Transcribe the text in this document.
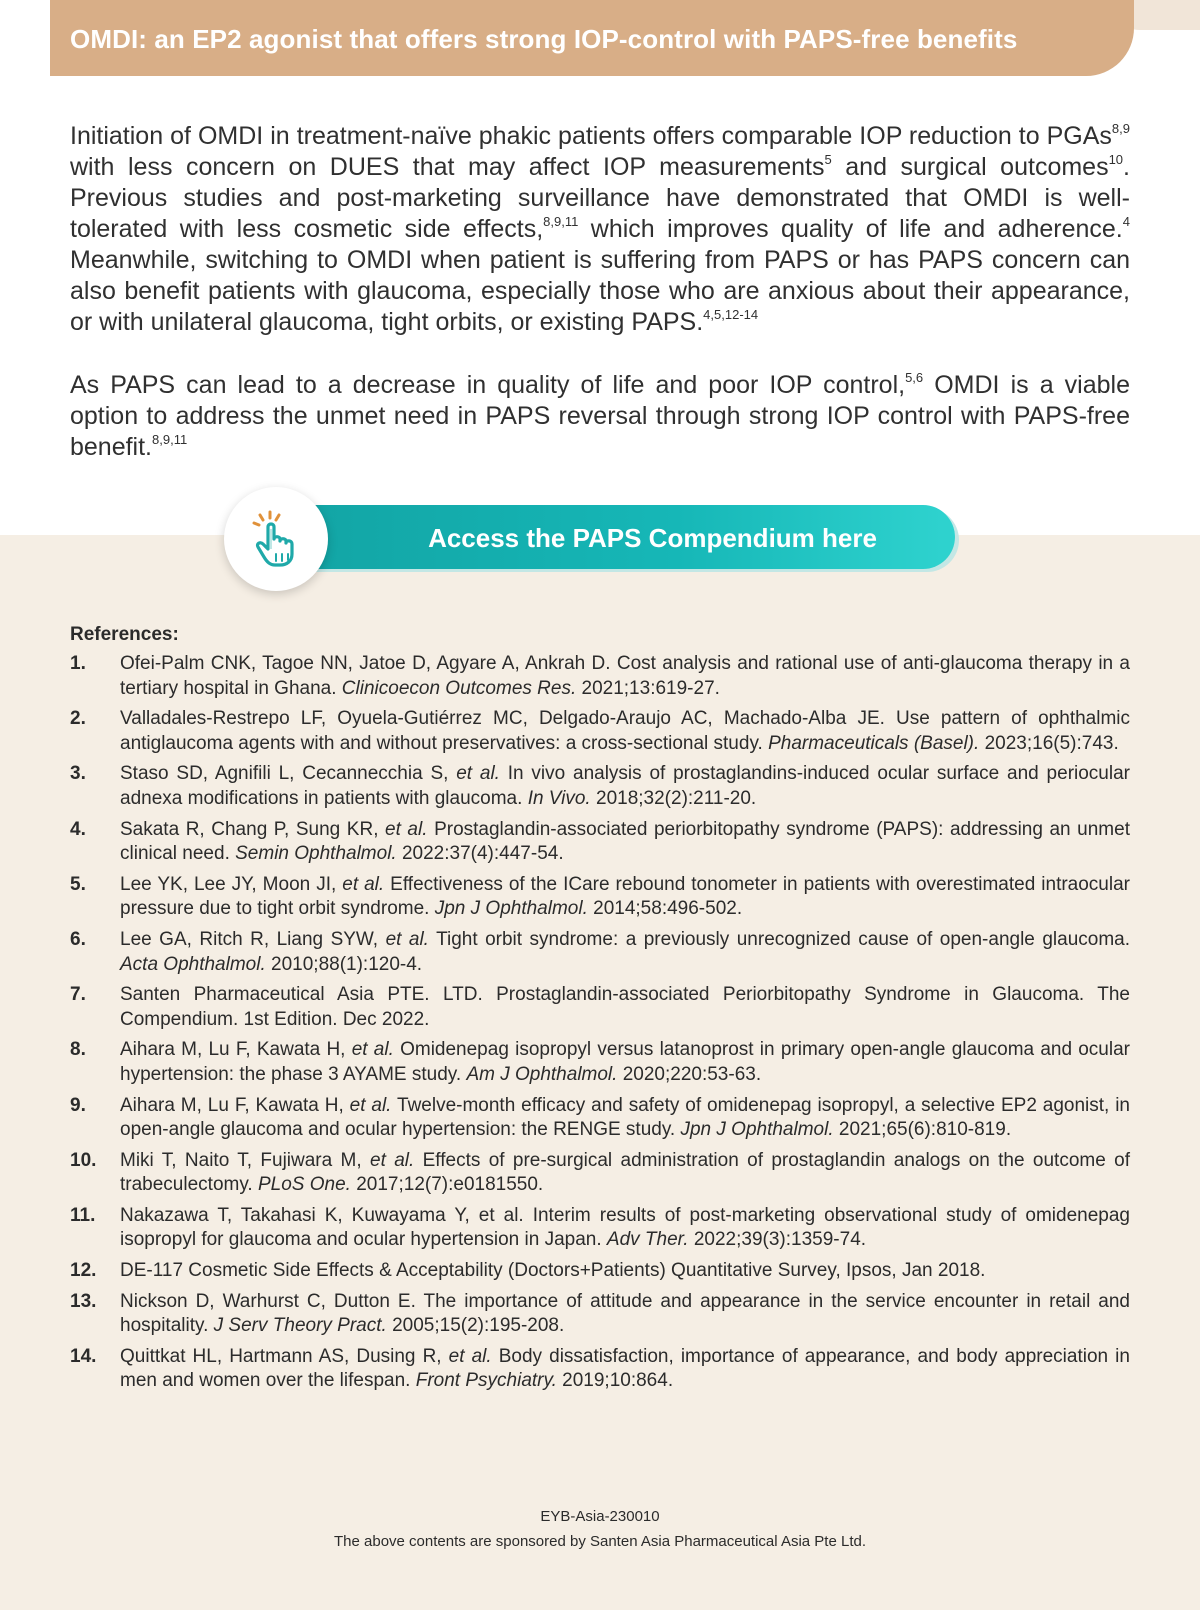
OMDI: an EP2 agonist that offers strong IOP-control with PAPS-free benefits

Initiation of OMDI in treatment-naïve phakic patients offers comparable IOP reduction to PGAs$^{8,9}$ with less concern on DUES that may affect IOP measurements$^5$ and surgical outcomes$^{10}$. Previous studies and post-marketing surveillance have demonstrated that OMDI is well-tolerated with less cosmetic side effects,$^{8,9,11}$ which improves quality of life and adherence.$^4$ Meanwhile, switching to OMDI when patient is suffering from PAPS or has PAPS concern can also benefit patients with glaucoma, especially those who are anxious about their appearance, or with unilateral glaucoma, tight orbits, or existing PAPS.$^{4,5,12-14}$

As PAPS can lead to a decrease in quality of life and poor IOP control,$^{5,6}$ OMDI is a viable option to address the unmet need in PAPS reversal through strong IOP control with PAPS-free benefit.$^{8,9,11}$

Access the PAPS Compendium here
References:
1. Ofei-Palm CNK, Tagoe NN, Jatoe D, Agyare A, Ankrah D. Cost analysis and rational use of anti-glaucoma therapy in a tertiary hospital in Ghana. Clinicoecon Outcomes Res. 2021;13:619-27.
2. Valladales-Restrepo LF, Oyuela-Gutiérrez MC, Delgado-Araujo AC, Machado-Alba JE. Use pattern of ophthalmic antiglaucoma agents with and without preservatives: a cross-sectional study. Pharmaceuticals (Basel). 2023;16(5):743.
3. Staso SD, Agnifili L, Cecannecchia S, et al. In vivo analysis of prostaglandins-induced ocular surface and periocular adnexa modifications in patients with glaucoma. In Vivo. 2018;32(2):211-20.
4. Sakata R, Chang P, Sung KR, et al. Prostaglandin-associated periorbitopathy syndrome (PAPS): addressing an unmet clinical need. Semin Ophthalmol. 2022:37(4):447-54.
5. Lee YK, Lee JY, Moon JI, et al. Effectiveness of the ICare rebound tonometer in patients with overestimated intraocular pressure due to tight orbit syndrome. Jpn J Ophthalmol. 2014;58:496-502.
6. Lee GA, Ritch R, Liang SYW, et al. Tight orbit syndrome: a previously unrecognized cause of open-angle glaucoma. Acta Ophthalmol. 2010;88(1):120-4.
7. Santen Pharmaceutical Asia PTE. LTD. Prostaglandin-associated Periorbitopathy Syndrome in Glaucoma. The Compendium. 1st Edition. Dec 2022.
8. Aihara M, Lu F, Kawata H, et al. Omidenepag isopropyl versus latanoprost in primary open-angle glaucoma and ocular hypertension: the phase 3 AYAME study. Am J Ophthalmol. 2020;220:53-63.
9. Aihara M, Lu F, Kawata H, et al. Twelve-month efficacy and safety of omidenepag isopropyl, a selective EP2 agonist, in open-angle glaucoma and ocular hypertension: the RENGE study. Jpn J Ophthalmol. 2021;65(6):810-819.
10. Miki T, Naito T, Fujiwara M, et al. Effects of pre-surgical administration of prostaglandin analogs on the outcome of trabeculectomy. PLoS One. 2017;12(7):e0181550.
11. Nakazawa T, Takahasi K, Kuwayama Y, et al. Interim results of post-marketing observational study of omidenepag isopropyl for glaucoma and ocular hypertension in Japan. Adv Ther. 2022;39(3):1359-74.
12. DE-117 Cosmetic Side Effects & Acceptability (Doctors+Patients) Quantitative Survey, Ipsos, Jan 2018.
13. Nickson D, Warhurst C, Dutton E. The importance of attitude and appearance in the service encounter in retail and hospitality. J Serv Theory Pract. 2005;15(2):195-208.
14. Quittkat HL, Hartmann AS, Dusing R, et al. Body dissatisfaction, importance of appearance, and body appreciation in men and women over the lifespan. Front Psychiatry. 2019;10:864.

EYB-Asia-230010

The above contents are sponsored by Santen Asia Pharmaceutical Asia Pte Ltd.
